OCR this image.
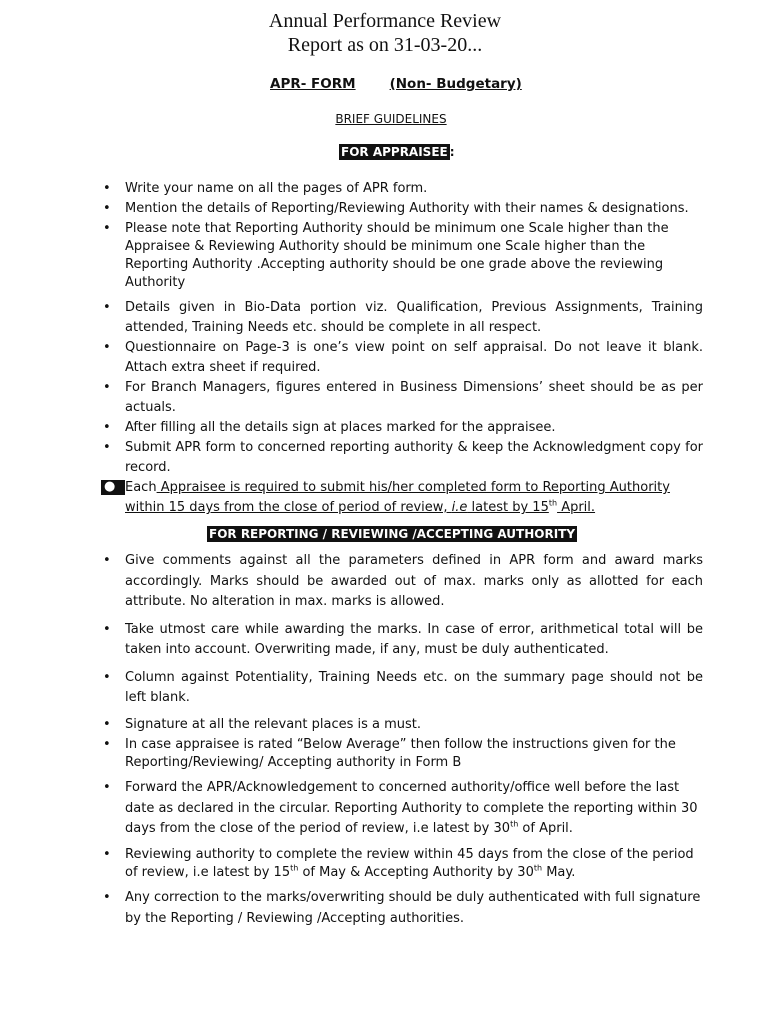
Annual Performance Review
Report as on 31-03-20...
APR- FORM	(Non- Budgetary)
BRIEF GUIDELINES
FOR APPRAISEE :
• Write your name on all the pages of APR form.
• Mention the details of Reporting/Reviewing Authority with their names & designations.
• Please note that Reporting Authority should be minimum one Scale higher than the Appraisee & Reviewing Authority should be minimum one Scale higher than the Reporting Authority .Accepting authority should be one grade above the reviewing Authority
• Details given in Bio-Data portion viz. Qualification, Previous Assignments, Training attended, Training Needs etc. should be complete in all respect.
• Questionnaire on Page-3 is one’s view point on self appraisal. Do not leave it blank. Attach extra sheet if required.
• For Branch Managers, figures entered in Business Dimensions’ sheet should be as per actuals.
• After filling all the details sign at places marked for the appraisee.
• Submit APR form to concerned reporting authority & keep the Acknowledgment copy for record.
● Each Appraisee is required to submit his/her completed form to Reporting Authority
within 15 days from the close of period of review, i.e latest by 15th April.
FOR REPORTING / REVIEWING /ACCEPTING AUTHORITY
• Give comments against all the parameters defined in APR form and award marks accordingly. Marks should be awarded out of max. marks only as allotted for each attribute. No alteration in max. marks is allowed.
• Take utmost care while awarding the marks. In case of error, arithmetical total will be taken into account. Overwriting made, if any, must be duly authenticated.
• Column against Potentiality, Training Needs etc. on the summary page should not be left blank.
• Signature at all the relevant places is a must.
• In case appraisee is rated “Below Average” then follow the instructions given for the Reporting/Reviewing/ Accepting authority in Form B
• Forward the APR/Acknowledgement to concerned authority/office well before the last date as declared in the circular. Reporting Authority to complete the reporting within 30 days from the close of the period of review, i.e latest by 30th of April.
• Reviewing authority to complete the review within 45 days from the close of the period of review, i.e latest by 15th of May & Accepting Authority by 30th May.
• Any correction to the marks/overwriting should be duly authenticated with full signature by the Reporting / Reviewing /Accepting authorities.
